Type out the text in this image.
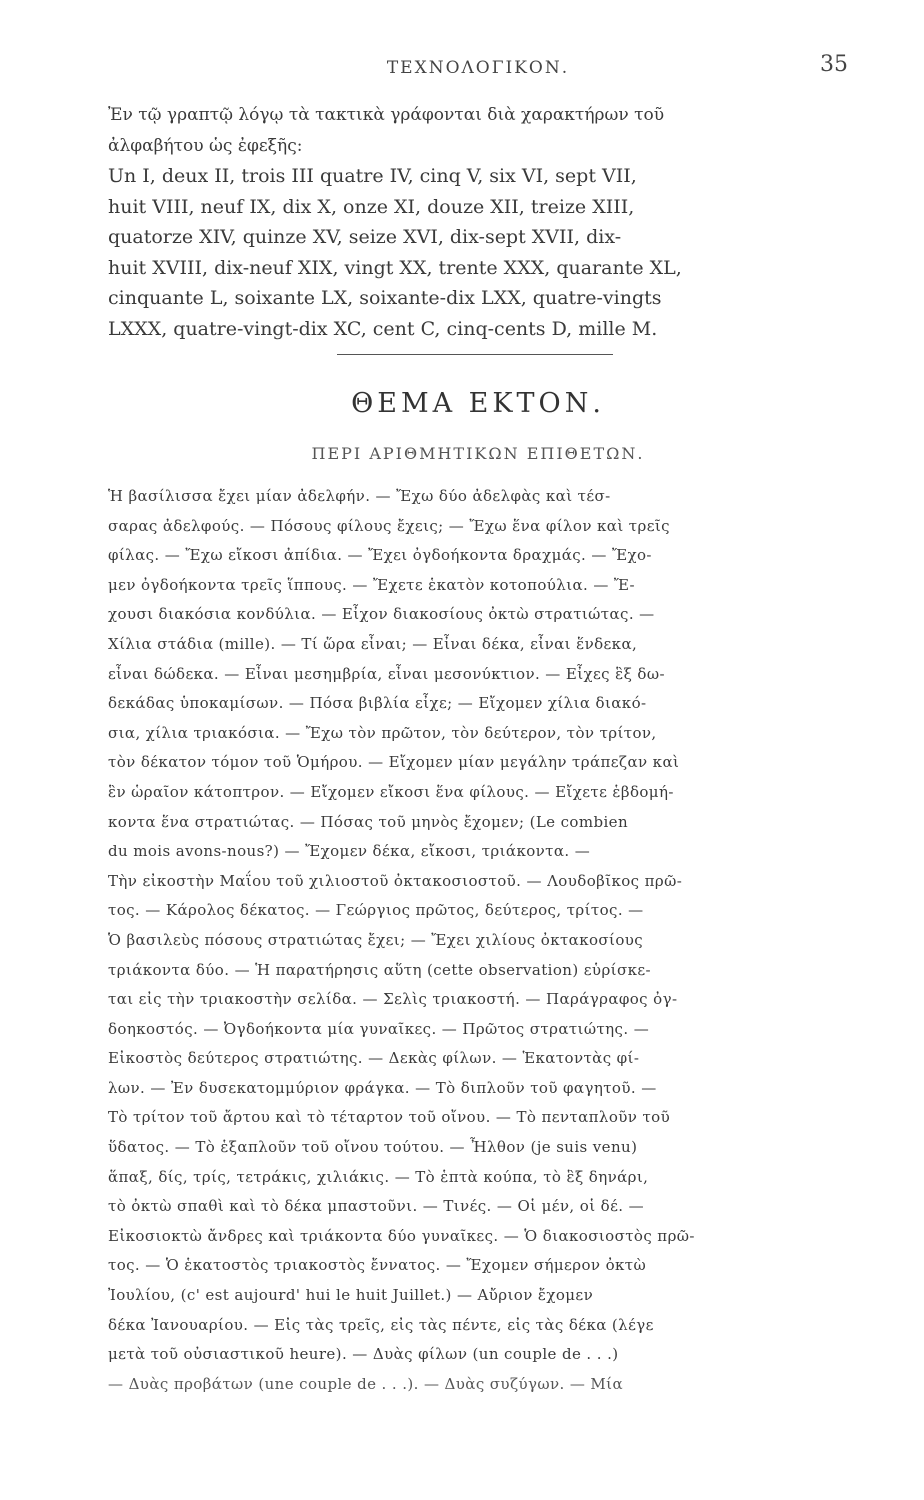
ΤΕΧΝΟΛΟΓΙΚΟΝ.	35
Ἐν τῷ γραπτῷ λόγῳ τὰ τακτικὰ γράφονται διὰ χαρακτήρων τοῦ
ἀλφαβήτου ὡς ἐφεξῆς:
Un I, deux II, trois III quatre IV, cinq V, six VI, sept VII,
huit VIII, neuf IX, dix X, onze XI, douze XII, treize XIII,
quatorze XIV, quinze XV, seize XVI, dix-sept XVII, dix-
huit XVIII, dix-neuf XIX, vingt XX, trente XXX, quarante XL,
cinquante L, soixante LX, soixante-dix LXX, quatre-vingts
LXXX, quatre-vingt-dix XC, cent C, cinq-cents D, mille M.
ΘΕΜΑ ΕΚΤΟΝ.
ΠΕΡΙ ΑΡΙΘΜΗΤΙΚΩΝ ΕΠΙΘΕΤΩΝ.
Ἡ βασίλισσα ἔχει μίαν ἀδελφήν. — Ἔχω δύο ἀδελφὰς καὶ τέσ-
σαρας ἀδελφούς. — Πόσους φίλους ἔχεις; — Ἔχω ἕνα φίλον καὶ τρεῖς
φίλας. — Ἔχω εἴκοσι ἀπίδια. — Ἔχει ὀγδοήκοντα δραχμάς. — Ἔχο-
μεν ὀγδοήκοντα τρεῖς ἵππους. — Ἔχετε ἑκατὸν κοτοπούλια. — Ἔ-
χουσι διακόσια κονδύλια. — Εἶχον διακοσίους ὀκτὼ στρατιώτας. —
Χίλια στάδια (mille). — Τί ὥρα εἶναι; — Εἶναι δέκα, εἶναι ἕνδεκα,
εἶναι δώδεκα. — Εἶναι μεσημβρία, εἶναι μεσονύκτιον. — Εἶχες ἓξ δω-
δεκάδας ὑποκαμίσων. — Πόσα βιβλία εἶχε; — Εἴχομεν χίλια διακό-
σια, χίλια τριακόσια. — Ἔχω τὸν πρῶτον, τὸν δεύτερον, τὸν τρίτον,
τὸν δέκατον τόμον τοῦ Ὁμήρου. — Εἴχομεν μίαν μεγάλην τράπεζαν καὶ
ἓν ὡραῖον κάτοπτρον. — Εἴχομεν εἴκοσι ἕνα φίλους. — Εἴχετε ἑβδομή-
κοντα ἕνα στρατιώτας. — Πόσας τοῦ μηνὸς ἔχομεν; (Le combien
du mois avons-nous?) — Ἔχομεν δέκα, εἴκοσι, τριάκοντα. —
Τὴν εἰκοστὴν Μαΐου τοῦ χιλιοστοῦ ὀκτακοσιοστοῦ. — Λουδοβῖκος πρῶ-
τος. — Κάρολος δέκατος. — Γεώργιος πρῶτος, δεύτερος, τρίτος. —
Ὁ βασιλεὺς πόσους στρατιώτας ἔχει; — Ἔχει χιλίους ὀκτακοσίους
τριάκοντα δύο. — Ἡ παρατήρησις αὕτη (cette observation) εὑρίσκε-
ται εἰς τὴν τριακοστὴν σελίδα. — Σελὶς τριακοστή. — Παράγραφος ὀγ-
δοηκοστός. — Ὀγδοήκοντα μία γυναῖκες. — Πρῶτος στρατιώτης. —
Εἰκοστὸς δεύτερος στρατιώτης. — Δεκὰς φίλων. — Ἑκατοντὰς φί-
λων. — Ἐν δυσεκατομμύριον φράγκα. — Τὸ διπλοῦν τοῦ φαγητοῦ. —
Τὸ τρίτον τοῦ ἄρτου καὶ τὸ τέταρτον τοῦ οἴνου. — Τὸ πενταπλοῦν τοῦ
ὕδατος. — Τὸ ἑξαπλοῦν τοῦ οἴνου τούτου. — Ἦλθον (je suis venu)
ἅπαξ, δίς, τρίς, τετράκις, χιλιάκις. — Τὸ ἑπτὰ κούπα, τὸ ἓξ δηνάρι,
τὸ ὀκτὼ σπαθὶ καὶ τὸ δέκα μπαστοῦνι. — Τινές. — Οἱ μέν, οἱ δέ. —
Εἰκοσιοκτὼ ἄνδρες καὶ τριάκοντα δύο γυναῖκες. — Ὁ διακοσιοστὸς πρῶ-
τος. — Ὁ ἑκατοστὸς τριακοστὸς ἔννατος. — Ἔχομεν σήμερον ὀκτὼ
Ἰουλίου, (c' est aujourd' hui le huit Juillet.) — Αὔριον ἔχομεν
δέκα Ἰανουαρίου. — Εἰς τὰς τρεῖς, εἰς τὰς πέντε, εἰς τὰς δέκα (λέγε
μετὰ τοῦ οὐσιαστικοῦ heure). — Δυὰς φίλων (un couple de . . .)
— Δυὰς προβάτων (une couple de . . .). — Δυὰς συζύγων. — Μία
